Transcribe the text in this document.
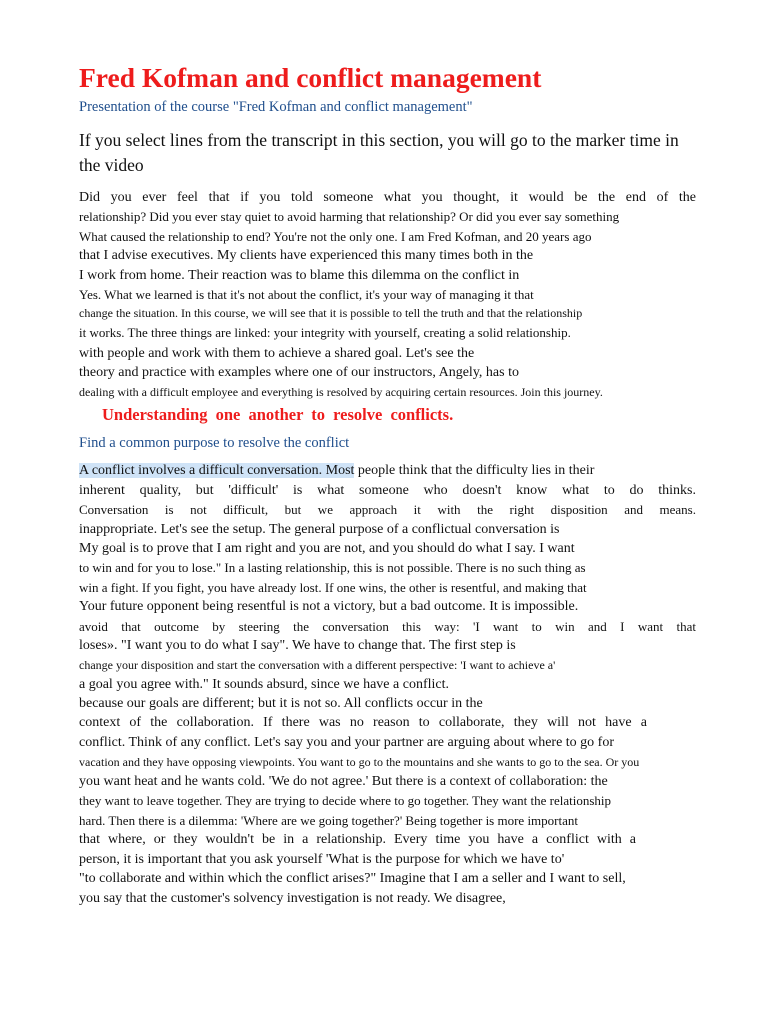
Fred Kofman and conflict management
Presentation of the course "Fred Kofman and conflict management"
If you select lines from the transcript in this section, you will go to the marker time in the video
Did you ever feel that if you told someone what you thought, it would be the end of the
relationship? Did you ever stay quiet to avoid harming that relationship? Or did you ever say something
What caused the relationship to end? You're not the only one. I am Fred Kofman, and 20 years ago
that I advise executives. My clients have experienced this many times both in the
I work from home. Their reaction was to blame this dilemma on the conflict in
Yes. What we learned is that it's not about the conflict, it's your way of managing it that
change the situation. In this course, we will see that it is possible to tell the truth and that the relationship
it works. The three things are linked: your integrity with yourself, creating a solid relationship.
with people and work with them to achieve a shared goal. Let's see the
theory and practice with examples where one of our instructors, Angely, has to
dealing with a difficult employee and everything is resolved by acquiring certain resources. Join this journey.
Understanding one another to resolve conflicts.
Find a common purpose to resolve the conflict
A conflict involves a difficult conversation. Most people think that the difficulty lies in their
inherent quality, but 'difficult' is what someone who doesn't know what to do thinks.
Conversation is not difficult, but we approach it with the right disposition and means.
inappropriate. Let's see the setup. The general purpose of a conflictual conversation is
My goal is to prove that I am right and you are not, and you should do what I say. I want
to win and for you to lose." In a lasting relationship, this is not possible. There is no such thing as
win a fight. If you fight, you have already lost. If one wins, the other is resentful, and making that
Your future opponent being resentful is not a victory, but a bad outcome. It is impossible.
avoid that outcome by steering the conversation this way: 'I want to win and I want that
loses». "I want you to do what I say". We have to change that. The first step is
change your disposition and start the conversation with a different perspective: 'I want to achieve a'
a goal you agree with." It sounds absurd, since we have a conflict.
because our goals are different; but it is not so. All conflicts occur in the
context of the collaboration. If there was no reason to collaborate, they will not have a
conflict. Think of any conflict. Let's say you and your partner are arguing about where to go for
vacation and they have opposing viewpoints. You want to go to the mountains and she wants to go to the sea. Or you
you want heat and he wants cold. 'We do not agree.' But there is a context of collaboration: the
they want to leave together. They are trying to decide where to go together. They want the relationship
hard. Then there is a dilemma: 'Where are we going together?' Being together is more important
that where, or they wouldn't be in a relationship. Every time you have a conflict with a
person, it is important that you ask yourself 'What is the purpose for which we have to'
"to collaborate and within which the conflict arises?" Imagine that I am a seller and I want to sell,
you say that the customer's solvency investigation is not ready. We disagree,
